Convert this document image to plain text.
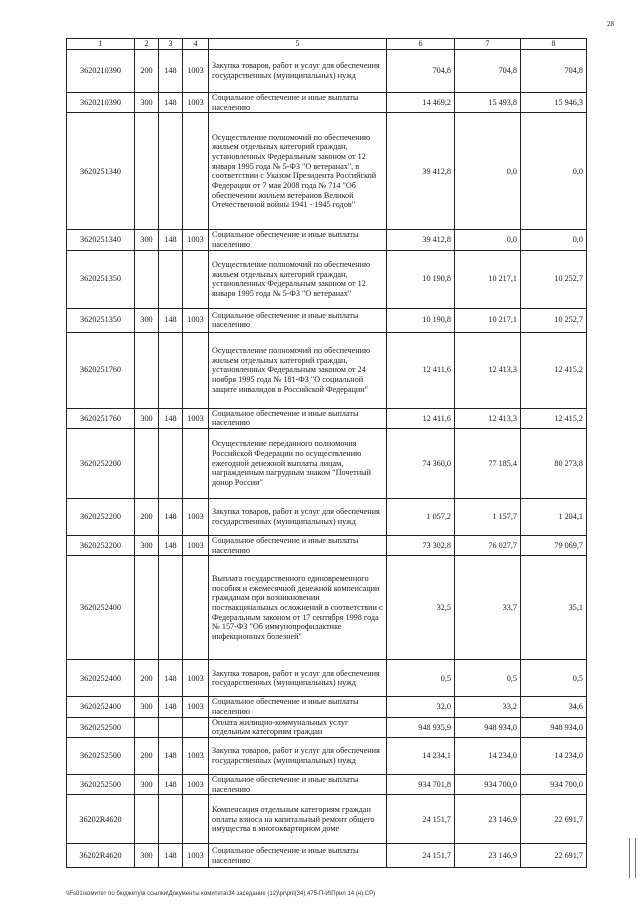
28
1	2	3	4	5	6	7	8
3620210390	200	148	1003	Закупка товаров, работ и услуг для обеспечения государственных (муниципальных) нужд	704,8	704,8	704,8
3620210390	300	148	1003	Социальное обеспечение и иные выплаты населению	14 469,2	15 493,8	15 946,3
3620251340				Осуществление полномочий по обеспечению жильем отдельных категорий граждан, установленных Федеральным законом от 12 января 1995 года № 5-ФЗ "О ветеранах", в соответствии с Указом Президента Российской Федерации от 7 мая 2008 года № 714 "Об обеспечении жильем ветеранов Великой Отечественной войны 1941 - 1945 годов"	39 412,8	0,0	0,0
3620251340	300	148	1003	Социальное обеспечение и иные выплаты населению	39 412,8	0,0	0,0
3620251350				Осуществление полномочий по обеспечению жильем отдельных категорий граждан, установленных Федеральным законом от 12 января 1995 года № 5-ФЗ "О ветеранах"	10 190,8	10 217,1	10 252,7
3620251350	300	148	1003	Социальное обеспечение и иные выплаты населению	10 190,8	10 217,1	10 252,7
3620251760				Осуществление полномочий по обеспечению жильем отдельных категорий граждан, установленных Федеральным законом от 24 ноября 1995 года № 181-ФЗ "О социальной защите инвалидов в Российской Федерации"	12 411,6	12 413,3	12 415,2
3620251760	300	148	1003	Социальное обеспечение и иные выплаты населению	12 411,6	12 413,3	12 415,2
3620252200				Осуществление переданного полномочия Российской Федерации по осуществлению ежегодной денежной выплаты лицам, награжденным нагрудным знаком "Почетный донор России"	74 360,0	77 185,4	80 273,8
3620252200	200	148	1003	Закупка товаров, работ и услуг для обеспечения государственных (муниципальных) нужд	1 057,2	1 157,7	1 204,1
3620252200	300	148	1003	Социальное обеспечение и иные выплаты населению	73 302,8	76 027,7	79 069,7
3620252400				Выплата государственного единовременного пособия и ежемесячной денежной компенсации гражданам при возникновении поствакцинальных осложнений в соответствии с Федеральным законом от 17 сентября 1998 года № 157-ФЗ "Об иммунопрофилактике инфекционных болезней"	32,5	33,7	35,1
3620252400	200	148	1003	Закупка товаров, работ и услуг для обеспечения государственных (муниципальных) нужд	0,5	0,5	0,5
3620252400	300	148	1003	Социальное обеспечение и иные выплаты населению	32,0	33,2	34,6
3620252500				Оплата жилищно-коммунальных услуг отдельным категориям граждан	948 935,9	948 934,0	948 934,0
3620252500	200	148	1003	Закупка товаров, работ и услуг для обеспечения государственных (муниципальных) нужд	14 234,1	14 234,0	14 234,0
3620252500	300	148	1003	Социальное обеспечение и иные выплаты населению	934 701,8	934 700,0	934 700,0
36202R4620				Компенсация отдельным категориям граждан оплаты взноса на капитальный ремонт общего имущества в многоквартирном доме	24 151,7	23 146,9	22 691,7
36202R4620	300	148	1003	Социальное обеспечение и иные выплаты населению	24 151,7	23 146,9	22 691,7
\\Fs01\комитет по бюджету\в ссылки\Документы комитета\34 заседание (12)\pr\pril(34) 475-П-И\Прил 14 (н).CP)
